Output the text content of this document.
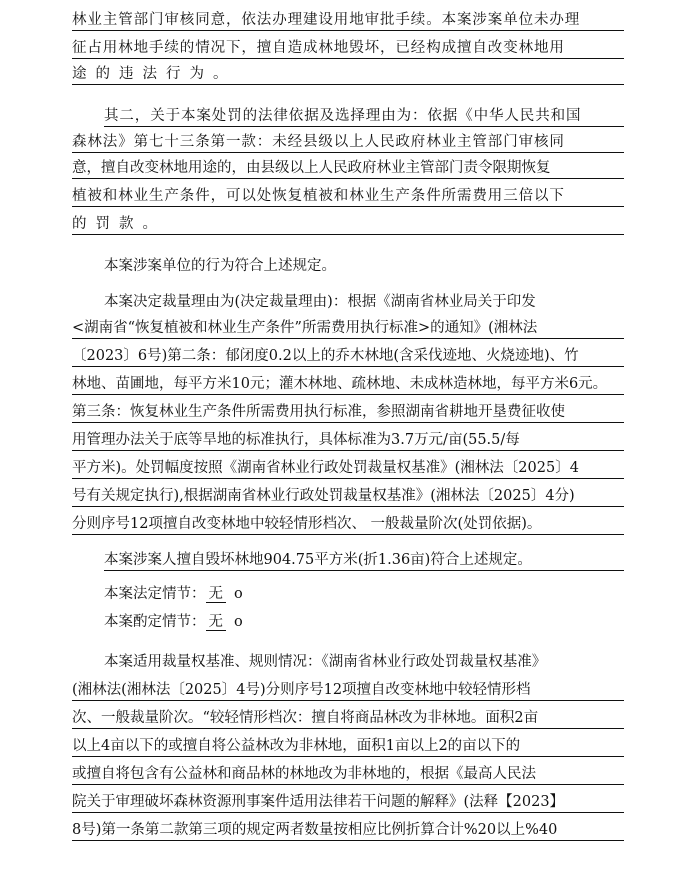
林业主管部门审核同意，依法办理建设用地审批手续。本案涉案单位未办理
征占用林地手续的情况下，擅自造成林地毁坏，已经构成擅自改变林地用
途的违法行为。
其二，关于本案处罚的法律依据及选择理由为：依据《中华人民共和国
森林法》第七十三条第一款：未经县级以上人民政府林业主管部门审核同
意，擅自改变林地用途的，由县级以上人民政府林业主管部门责令限期恢复
植被和林业生产条件，可以处恢复植被和林业生产条件所需费用三倍以下
的罚款。
本案涉案单位的行为符合上述规定。
本案决定裁量理由为(决定裁量理由)：根据《湖南省林业局关于印发
<湖南省“恢复植被和林业生产条件”所需费用执行标准>的通知》(湘林法
〔2023〕6号)第二条：郁闭度0.2以上的乔木林地(含采伐迹地、火烧迹地)、竹
林地、苗圃地，每平方米10元；灌木林地、疏林地、未成林造林地，每平方米6元。
第三条：恢复林业生产条件所需费用执行标准，参照湖南省耕地开垦费征收使
用管理办法关于底等旱地的标准执行，具体标准为3.7万元/亩(55.5/每
平方米)。处罚幅度按照《湖南省林业行政处罚裁量权基准》(湘林法〔2025〕4
号有关规定执行),根据湖南省林业行政处罚裁量权基准》(湘林法〔2025〕4分)
分则序号12项擅自改变林地中较轻情形档次、 一般裁量阶次(处罚依据)。
本案涉案人擅自毁坏林地904.75平方米(折1.36亩)符合上述规定。
本案法定情节： 无 o
本案酌定情节： 无 o
本案适用裁量权基准、规则情况：《湖南省林业行政处罚裁量权基准》
(湘林法(湘林法〔2025〕4号)分则序号12项擅自改变林地中较轻情形档
次、一般裁量阶次。“较轻情形档次：擅自将商品林改为非林地。面积2亩
以上4亩以下的或擅自将公益林改为非林地，面积1亩以上2的亩以下的
或擅自将包含有公益林和商品林的林地改为非林地的，根据《最高人民法
院关于审理破坏森林资源刑事案件适用法律若干问题的解释》(法释【2023】
8号)第一条第二款第三项的规定两者数量按相应比例折算合计%20以上%40
